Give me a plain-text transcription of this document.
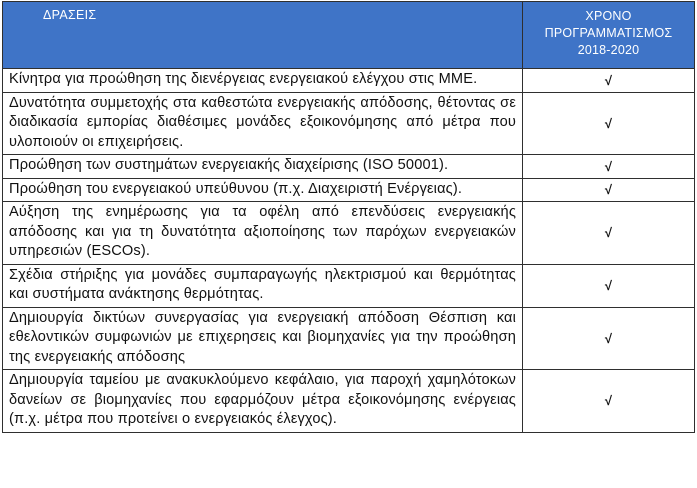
ΔΡΑΣΕΙΣ	ΧΡΟΝΟ
ΠΡΟΓΡΑΜΜΑΤΙΣΜΟΣ
2018-2020

Κίνητρα για προώθηση της διενέργειας ενεργειακού ελέγχου στις ΜΜΕ.	√
Δυνατότητα συμμετοχής στα καθεστώτα ενεργειακής απόδοσης, θέτοντας σε διαδικασία εμπορίας διαθέσιμες μονάδες εξοικονόμησης από μέτρα που υλοποιούν οι επιχειρήσεις.	√
Προώθηση των συστημάτων ενεργειακής διαχείρισης (ISO 50001).	√
Προώθηση του ενεργειακού υπεύθυνου (π.χ. Διαχειριστή Ενέργειας).	√
Αύξηση της ενημέρωσης για τα οφέλη από επενδύσεις ενεργειακής απόδοσης και για τη δυνατότητα αξιοποίησης των παρόχων ενεργειακών υπηρεσιών (ESCOs).	√
Σχέδια στήριξης για μονάδες συμπαραγωγής ηλεκτρισμού και θερμότητας και συστήματα ανάκτησης θερμότητας.	√
Δημιουργία δικτύων συνεργασίας για ενεργειακή απόδοση Θέσπιση και εθελοντικών συμφωνιών με επιχερησεις και βιομηχανίες για την προώθηση της ενεργειακής απόδοσης	√
Δημιουργία ταμείου με ανακυκλούμενο κεφάλαιο, για παροχή χαμηλότοκων δανείων σε βιομηχανίες που εφαρμόζουν μέτρα εξοικονόμησης ενέργειας (π.χ. μέτρα που προτείνει ο ενεργειακός έλεγχος).	√
